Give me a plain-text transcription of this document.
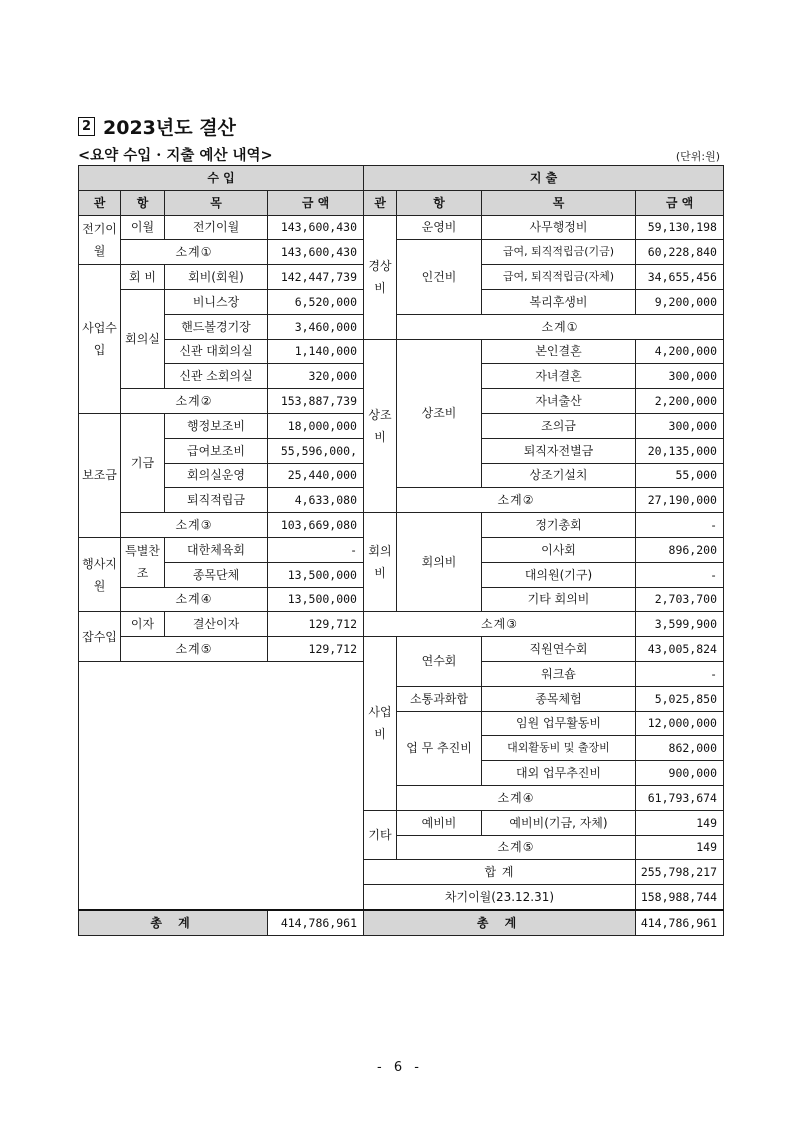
2 2023년도 결산
<요약 수입 · 지출 예산 내역>	(단위:원)
수 입				지 출				
관	항	목	금 액	관	항	목	금 액	
전기이월	이월	전기이월	143,600,430	경상비	운영비	사무행정비	59,130,198	
	소계①		143,600,430		인건비	급여, 퇴직적립금(기금)	60,228,840	
사업수입	회 비	회비(회원)	142,447,739			급여, 퇴직적립금(자체)	34,655,456	
	회의실	비니스장	6,520,000			복리후생비	9,200,000	
		핸드볼경기장	3,460,000		소계①	
		신관 대회의실	1,140,000	상조비	상조비	본인결혼	4,200,000	
		신관 소회의실	320,000			자녀결혼	300,000	
	소계②		153,887,739			자녀출산	2,200,000	
보조금	기금	행정보조비	18,000,000			조의금	300,000	
		급여보조비	55,596,000,			퇴직자전별금	20,135,000	
		회의실운영	25,440,000			상조기설치	55,000	
		퇴직적립금	4,633,080		소계②		27,190,000	
	소계③		103,669,080	회의비	회의비	정기총회	-	
행사지원	특별찬조	대한체육회	-			이사회	896,200	
		종목단체	13,500,000			대의원(기구)	-	
	소계④		13,500,000			기타 회의비	2,703,700	
잡수입	이자	결산이자	129,712	소계③			3,599,900	
	소계⑤		129,712	사업비	연수회	직원연수회	43,005,824	
						워크숍	-	
					소통과화합	종목체험	5,025,850	
					업 무 추진비	임원 업무활동비	12,000,000	
						대외활동비 및 출장비	862,000	
						대외 업무추진비	900,000	
					소계④		61,793,674	
				기타	예비비	예비비(기금, 자체)	149	
					소계⑤		149	
				합 계			255,798,217	
				차기이월(23.12.31)			158,988,744	
총 계			414,786,961	총 계			414,786,961	
- 6 -
